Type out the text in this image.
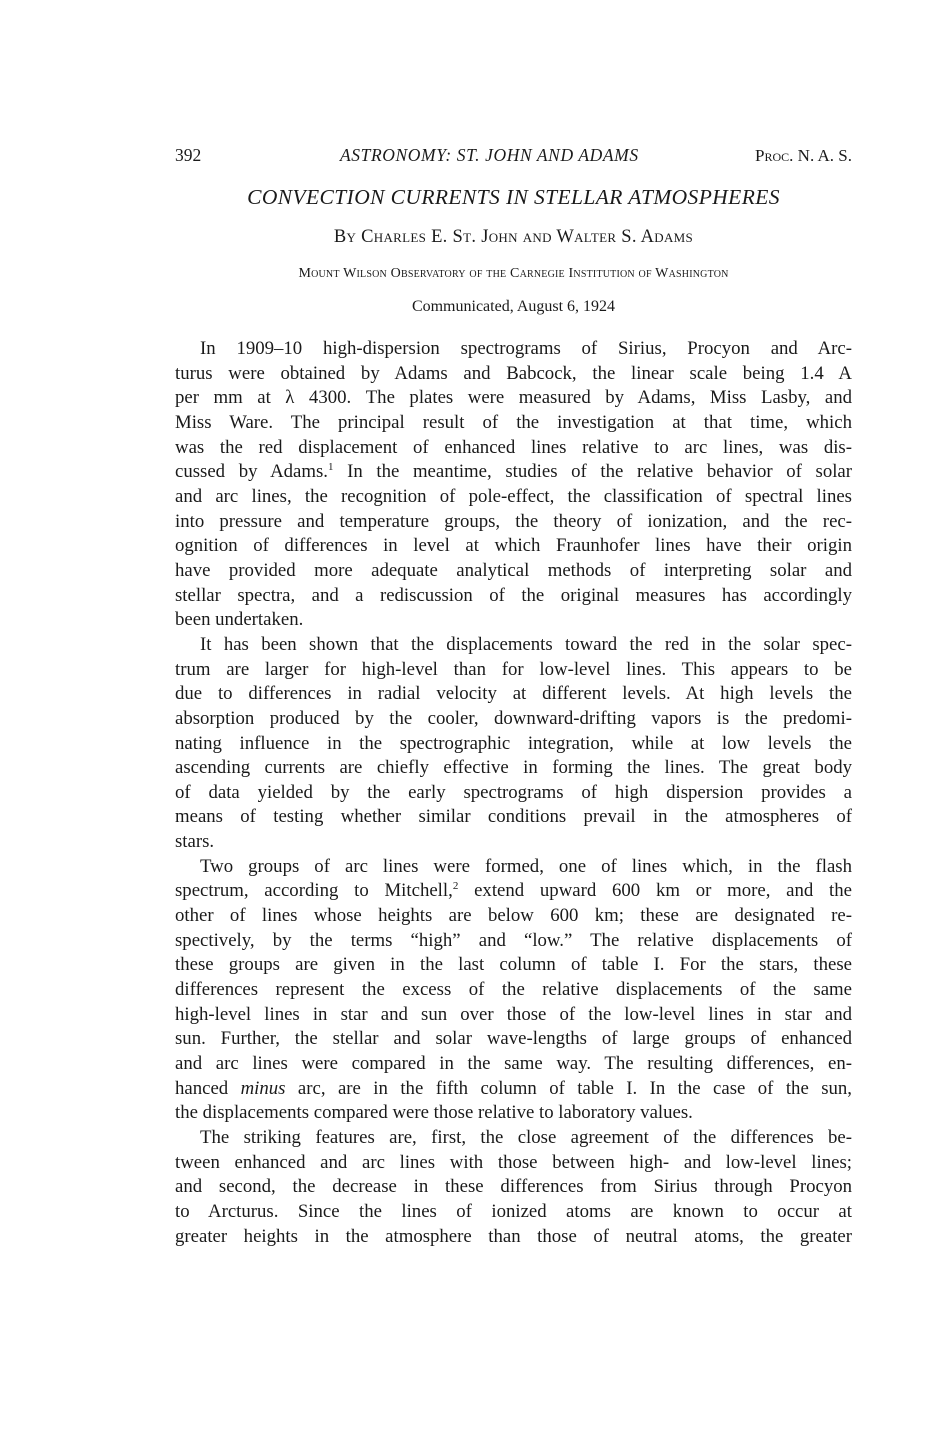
392	ASTRONOMY: ST. JOHN AND ADAMS	Proc. N. A. S.
CONVECTION CURRENTS IN STELLAR ATMOSPHERES
By Charles E. St. John and Walter S. Adams
Mount Wilson Observatory of the Carnegie Institution of Washington
Communicated, August 6, 1924
In 1909–10 high-dispersion spectrograms of Sirius, Procyon and Arc-
turus were obtained by Adams and Babcock, the linear scale being 1.4 A
per mm at λ 4300. The plates were measured by Adams, Miss Lasby, and
Miss Ware. The principal result of the investigation at that time, which
was the red displacement of enhanced lines relative to arc lines, was dis-
cussed by Adams.$^1$ In the meantime, studies of the relative behavior of solar
and arc lines, the recognition of pole-effect, the classification of spectral lines
into pressure and temperature groups, the theory of ionization, and the rec-
ognition of differences in level at which Fraunhofer lines have their origin
have provided more adequate analytical methods of interpreting solar and
stellar spectra, and a rediscussion of the original measures has accordingly
been undertaken.
It has been shown that the displacements toward the red in the solar spec-
trum are larger for high-level than for low-level lines. This appears to be
due to differences in radial velocity at different levels. At high levels the
absorption produced by the cooler, downward-drifting vapors is the predomi-
nating influence in the spectrographic integration, while at low levels the
ascending currents are chiefly effective in forming the lines. The great body
of data yielded by the early spectrograms of high dispersion provides a
means of testing whether similar conditions prevail in the atmospheres of
stars.
Two groups of arc lines were formed, one of lines which, in the flash
spectrum, according to Mitchell,$^2$ extend upward 600 km or more, and the
other of lines whose heights are below 600 km; these are designated re-
spectively, by the terms “high” and “low.” The relative displacements of
these groups are given in the last column of table I. For the stars, these
differences represent the excess of the relative displacements of the same
high-level lines in star and sun over those of the low-level lines in star and
sun. Further, the stellar and solar wave-lengths of large groups of enhanced
and arc lines were compared in the same way. The resulting differences, en-
hanced minus arc, are in the fifth column of table I. In the case of the sun,
the displacements compared were those relative to laboratory values.
The striking features are, first, the close agreement of the differences be-
tween enhanced and arc lines with those between high- and low-level lines;
and second, the decrease in these differences from Sirius through Procyon
to Arcturus. Since the lines of ionized atoms are known to occur at
greater heights in the atmosphere than those of neutral atoms, the greater
